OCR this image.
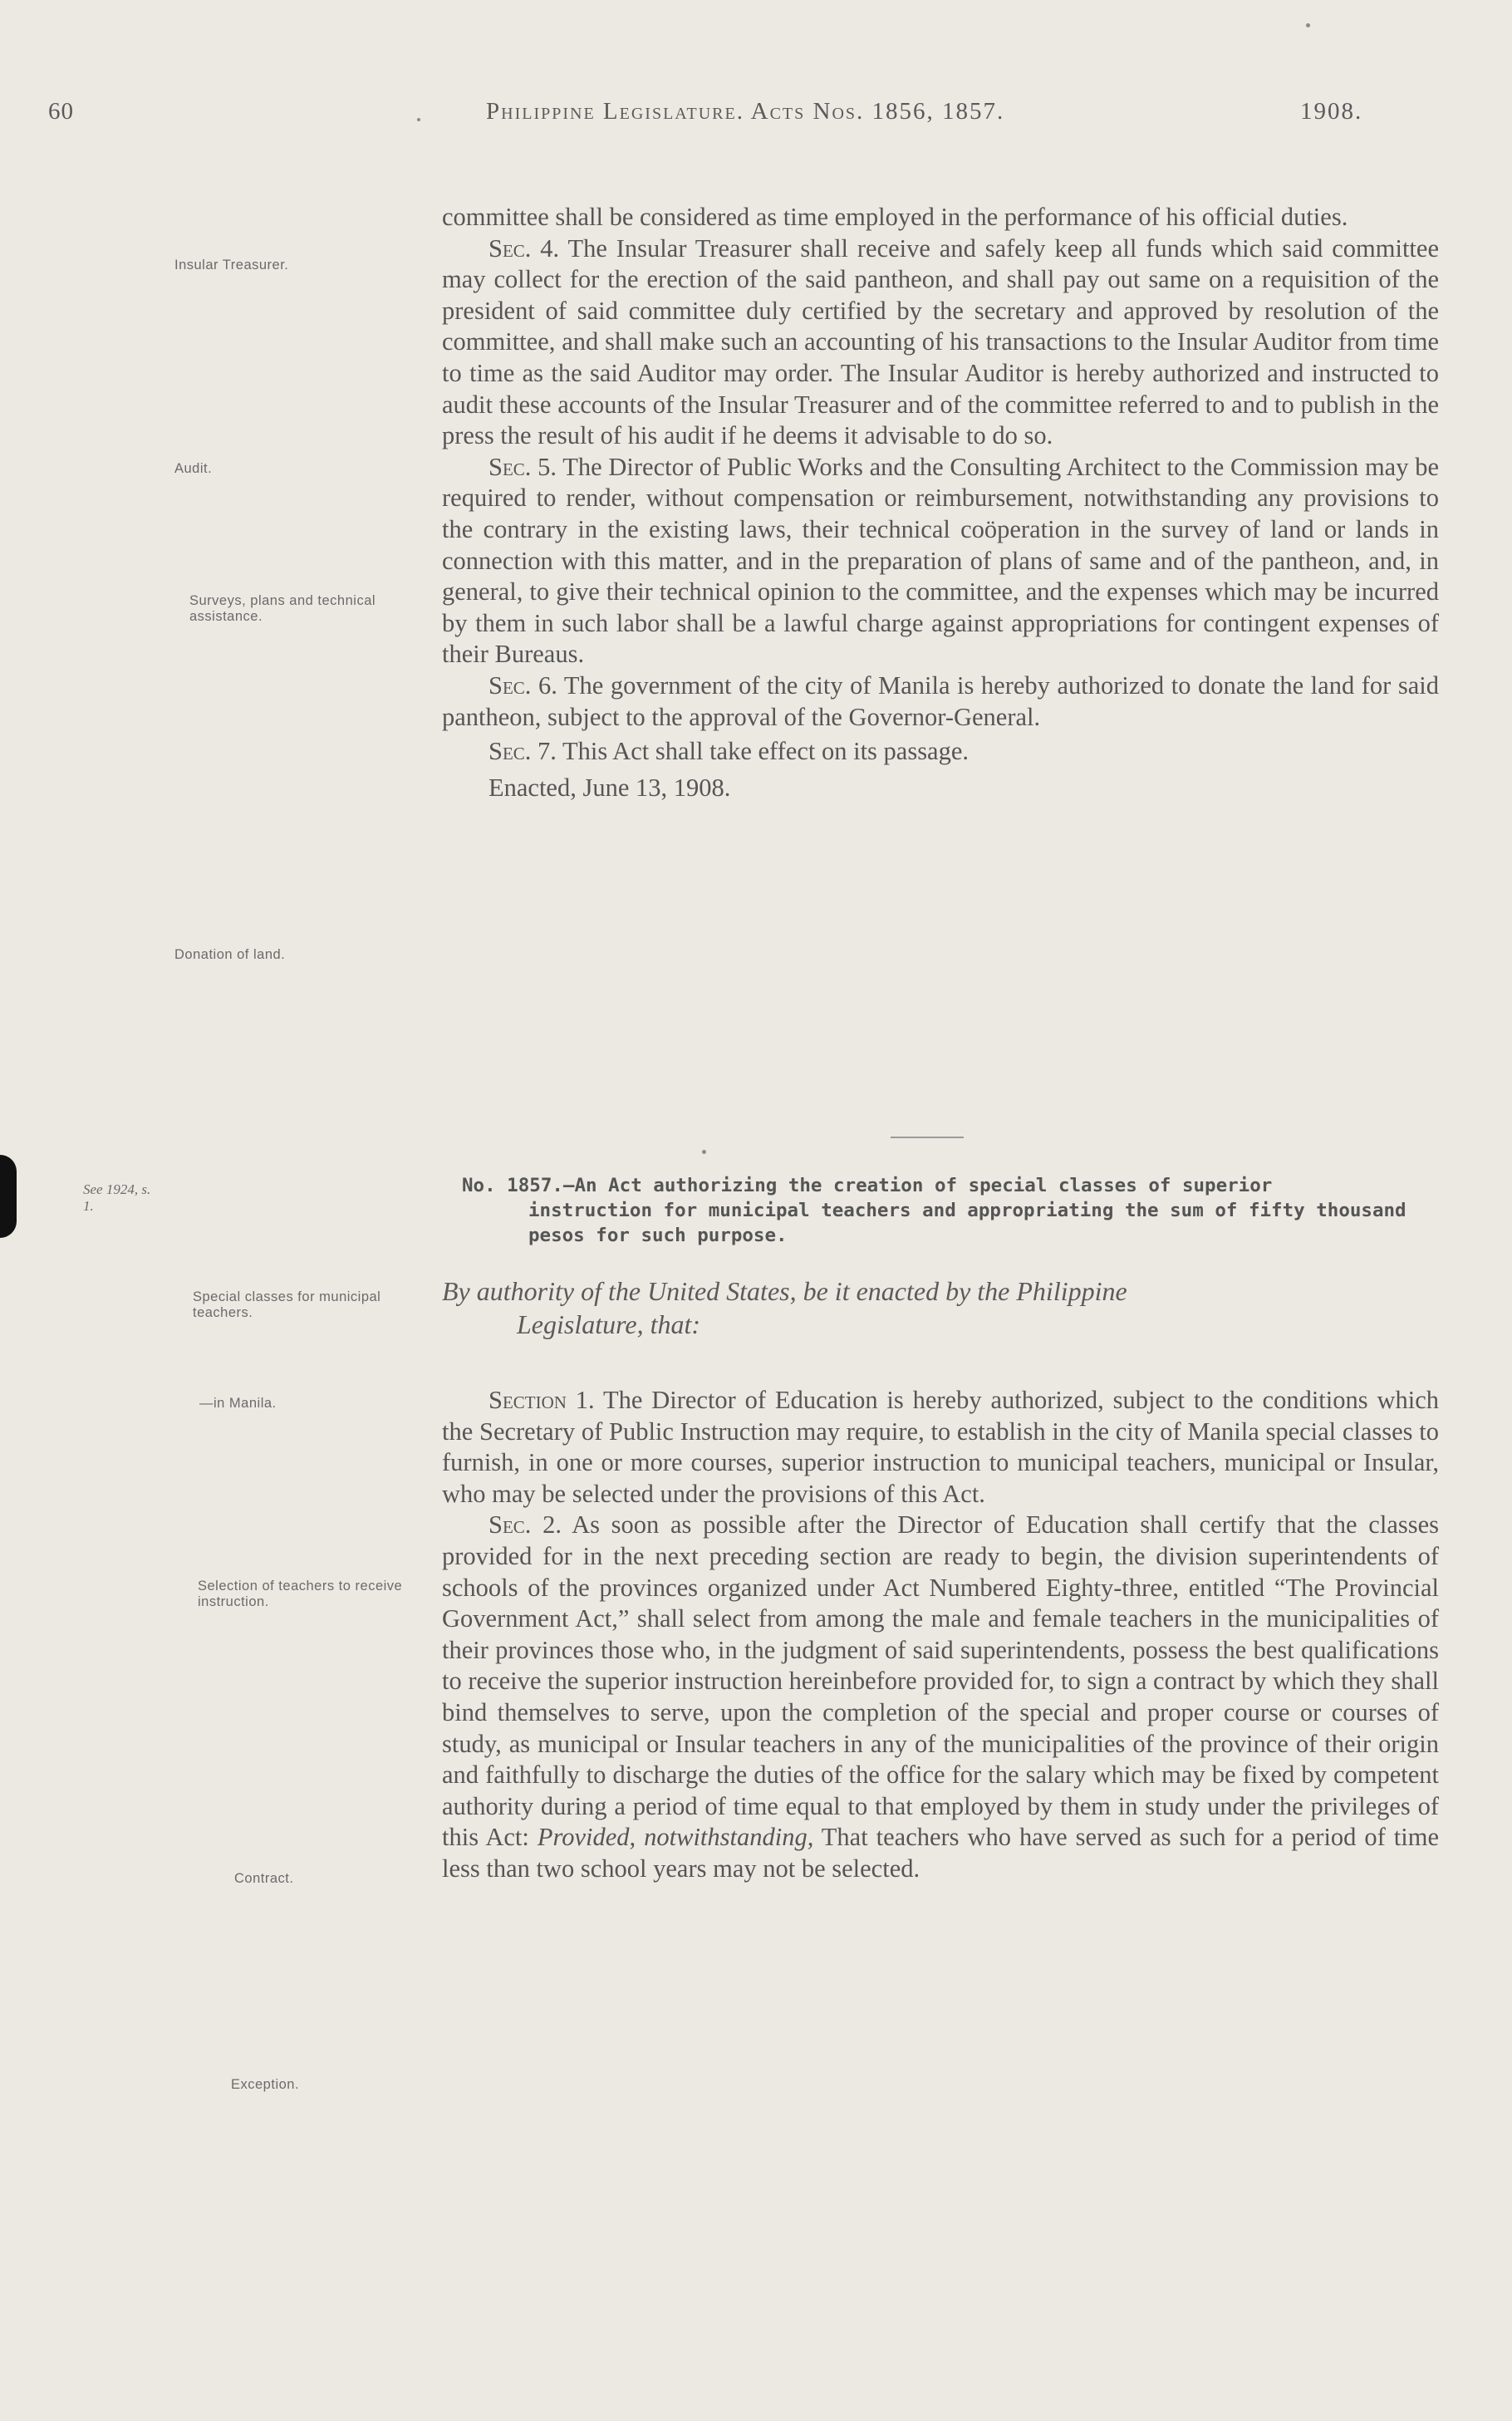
60	Philippine Legislature. Acts Nos. 1856, 1857.	1908.
Insular Treasurer.
Audit.
Surveys, plans and technical assistance.
Donation of land.
See 1924, s. 1.
Special classes for municipal teachers.
—in Manila.
Selection of teachers to receive instruction.
Contract.
Exception.

committee shall be considered as time employed in the performance of his official duties.

Sec. 4. The Insular Treasurer shall receive and safely keep all funds which said committee may collect for the erection of the said pantheon, and shall pay out same on a requisition of the president of said committee duly certified by the secretary and approved by resolution of the committee, and shall make such an accounting of his transactions to the Insular Auditor from time to time as the said Auditor may order. The Insular Auditor is hereby authorized and instructed to audit these accounts of the Insular Treasurer and of the committee referred to and to publish in the press the result of his audit if he deems it advisable to do so.

Sec. 5. The Director of Public Works and the Consulting Architect to the Commission may be required to render, without compensation or reimbursement, notwithstanding any provisions to the contrary in the existing laws, their technical coöperation in the survey of land or lands in connection with this matter, and in the preparation of plans of same and of the pantheon, and, in general, to give their technical opinion to the committee, and the expenses which may be incurred by them in such labor shall be a lawful charge against appropriations for contingent expenses of their Bureaus.

Sec. 6. The government of the city of Manila is hereby authorized to donate the land for said pantheon, subject to the approval of the Governor-General.

Sec. 7. This Act shall take effect on its passage.

Enacted, June 13, 1908.

No. 1857.—An Act authorizing the creation of special classes of superior
instruction for municipal teachers and appropriating the sum of fifty thousand pesos for such purpose.
By authority of the United States, be it enacted by the Philippine
Legislature, that:

Section 1. The Director of Education is hereby authorized, subject to the conditions which the Secretary of Public Instruction may require, to establish in the city of Manila special classes to furnish, in one or more courses, superior instruction to municipal teachers, municipal or Insular, who may be selected under the provisions of this Act.

Sec. 2. As soon as possible after the Director of Education shall certify that the classes provided for in the next preceding section are ready to begin, the division superintendents of schools of the provinces organized under Act Numbered Eighty-three, entitled “The Provincial Government Act,” shall select from among the male and female teachers in the municipalities of their provinces those who, in the judgment of said superintendents, possess the best qualifications to receive the superior instruction hereinbefore provided for, to sign a contract by which they shall bind themselves to serve, upon the completion of the special and proper course or courses of study, as municipal or Insular teachers in any of the municipalities of the province of their origin and faithfully to discharge the duties of the office for the salary which may be fixed by competent authority during a period of time equal to that employed by them in study under the privileges of this Act: Provided, notwithstanding, That teachers who have served as such for a period of time less than two school years may not be selected.
